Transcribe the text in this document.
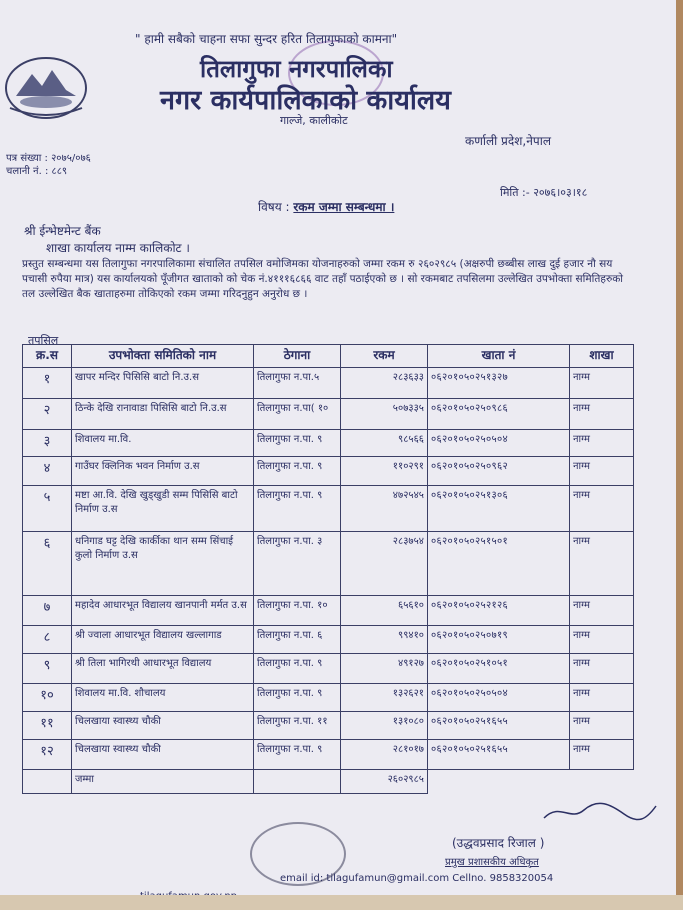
" हामी सबैको चाहना सफा सुन्दर हरित तिलागुफाको कामना"
तिलागुफा नगरपालिका
नगर कार्यपालिकाको कार्यालय
गाल्जे, कालीकोट
कर्णाली प्रदेश,नेपाल
पत्र संख्या : २०७५/०७६
चलानी नं. : ८८९
मिति :- २०७६।०३।१८
विषय : रकम जम्मा सम्बन्धमा ।
श्री ईन्भेष्टमेन्ट बैंक
शाखा कार्यालय नाम्म कालिकोट ।
प्रस्तुत सम्बन्धमा यस तिलागुफा नगरपालिकामा संचालित तपसिल वमोजिमका योजनाहरुको जम्मा रकम रु २६०२९८५ (अक्षरुपी छब्बीस लाख दुई हजार नौ सय पचासी रुपैया मात्र) यस कार्यालयको पूँजीगत खाताको को चेक नं.४१११६८६६ वाट तहाँ पठाईएको छ । सो रकमबाट तपसिलमा उल्लेखित उपभोक्ता समितिहरुको तल उल्लेखित बैक खाताहरुमा तोकिएको रकम जम्मा गरिदनुहुन अनुरोध छ ।
तपसिल
क्र.स	उपभोक्ता समितिको नाम	ठेगाना	रकम	खाता नं	शाखा
१	खापर मन्दिर पिसिसि बाटो नि.उ.स	तिलागुफा न.पा.५	२८३६३३	०६२०१०५०२५१३२७	नाग्म
२	ठिन्के देखि रानावाडा पिसिसि बाटो नि.उ.स	तिलागुफा न.पा( १०	५०७३३५	०६२०१०५०२५०९८६	नाग्म
३	शिवालय मा.वि.	तिलागुफा न.पा. ९	९८५६६	०६२०१०५०२५०५०४	नाग्म
४	गाउँघर क्लिनिक भवन निर्माण उ.स	तिलागुफा न.पा. ९	११०२९१	०६२०१०५०२५०९६२	नाग्म
५	मष्टा आ.वि. देखि खुड्खुडी सम्म पिसिसि बाटो निर्माण उ.स	तिलागुफा न.पा. ९	४७२५४५	०६२०१०५०२५१३०६	नाग्म
६	धनिगाड घट्ट देखि कार्कीका थान सम्म सिंचाई कुलो निर्माण उ.स	तिलागुफा न.पा. ३	२८३७५४	०६२०१०५०२५१५०१	नाग्म
७	महादेव आधारभूत विद्यालय खानपानी मर्मत उ.स	तिलागुफा न.पा. १०	६५६१०	०६२०१०५०२५२१२६	नाग्म
८	श्री ज्वाला आधारभूत विद्यालय खल्लागाड	तिलागुफा न.पा. ६	९९४१०	०६२०१०५०२५०७१९	नाग्म
९	श्री तिला भागिरथी आधारभूत विद्यालय	तिलागुफा न.पा. ९	४९१२७	०६२०१०५०२५१०५१	नाग्म
१०	शिवालय मा.वि. शौचालय	तिलागुफा न.पा. ९	१३२६२१	०६२०१०५०२५०५०४	नाग्म
११	चिलखाया स्वास्थ्य चौकी	तिलागुफा न.पा. ११	१३१०८०	०६२०१०५०२५१६५५	नाग्म
१२	चिलखाया स्वास्थ्य चौकी	तिलागुफा न.पा. ९	२८१०१७	०६२०१०५०२५१६५५	नाग्म
	जम्मा		२६०२९८५		
(उद्धवप्रसाद रिजाल )
प्रमुख प्रशासकीय अधिकृत
email id: tilagufamun@gmail.com Cellno. 9858320054
